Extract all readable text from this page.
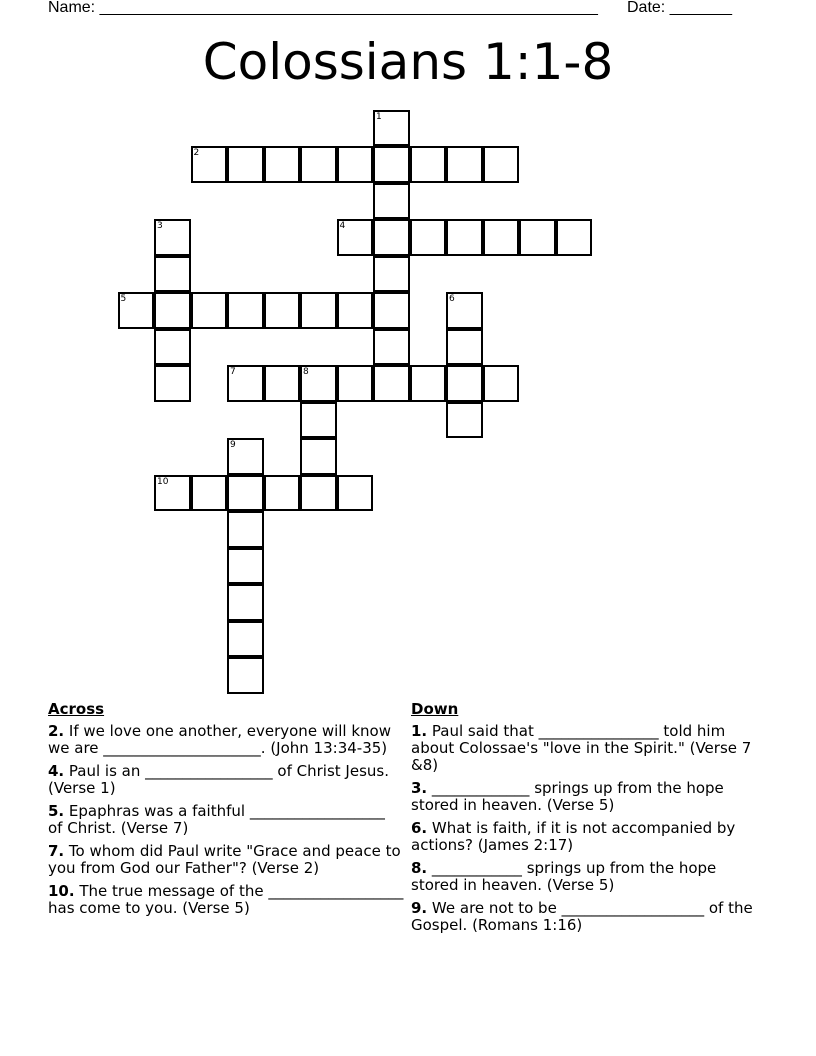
Name: ________________________________________________________ Date: _______
Colossians 1:1-8
1
2
3	4
5	6
7	8
9
10
Across
2. If we love one another, everyone will know we are _____________________. (John 13:34-35)
4. Paul is an _________________ of Christ Jesus. (Verse 1)
5. Epaphras was a faithful __________________ of Christ. (Verse 7)
7. To whom did Paul write "Grace and peace to you from God our Father"? (Verse 2)
10. The true message of the __________________ has come to you. (Verse 5)
Down
1. Paul said that ________________ told him about Colossae's "love in the Spirit." (Verse 7 &8)
3. _____________ springs up from the hope stored in heaven. (Verse 5)
6. What is faith, if it is not accompanied by actions? (James 2:17)
8. ____________ springs up from the hope stored in heaven. (Verse 5)
9. We are not to be ___________________ of the Gospel. (Romans 1:16)
